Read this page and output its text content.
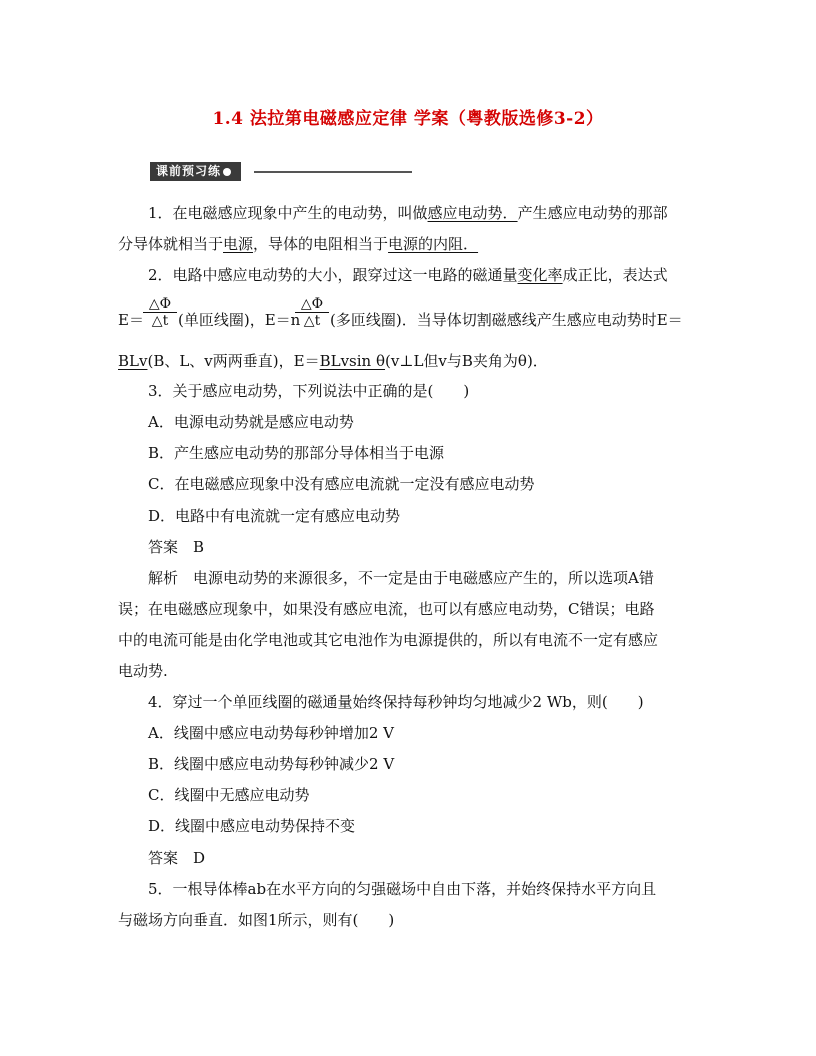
1.4 法拉第电磁感应定律 学案（粤教版选修3-2）
课前预习练
1．在电磁感应现象中产生的电动势，叫做感应电动势．产生感应电动势的那部
分导体就相当于电源，导体的电阻相当于电源的内阻．
2．电路中感应电动势的大小，跟穿过这一电路的磁通量变化率成正比，表达式
$E= \frac{\triangle\Phi}{\triangle t}$ (单匝线圈)，E＝n
$\frac{\triangle\Phi}{\triangle t}$ (多匝线圈)．当导体切割磁感线产生感应电动势时E＝
BLv(B、L、v两两垂直)，E＝BLvsin θ(v⊥L但v与B夹角为θ)．
3．关于感应电动势，下列说法中正确的是(　　)
A．电源电动势就是感应电动势
B．产生感应电动势的那部分导体相当于电源
C．在电磁感应现象中没有感应电流就一定没有感应电动势
D．电路中有电流就一定有感应电动势
答案　B
解析　电源电动势的来源很多，不一定是由于电磁感应产生的，所以选项A错
误；在电磁感应现象中，如果没有感应电流，也可以有感应电动势，C错误；电路
中的电流可能是由化学电池或其它电池作为电源提供的，所以有电流不一定有感应
电动势.
4．穿过一个单匝线圈的磁通量始终保持每秒钟均匀地减少2 Wb，则(　　)
A．线圈中感应电动势每秒钟增加2 V
B．线圈中感应电动势每秒钟减少2 V
C．线圈中无感应电动势
D．线圈中感应电动势保持不变
答案　D
5．一根导体棒ab在水平方向的匀强磁场中自由下落，并始终保持水平方向且
与磁场方向垂直．如图1所示，则有(　　)
